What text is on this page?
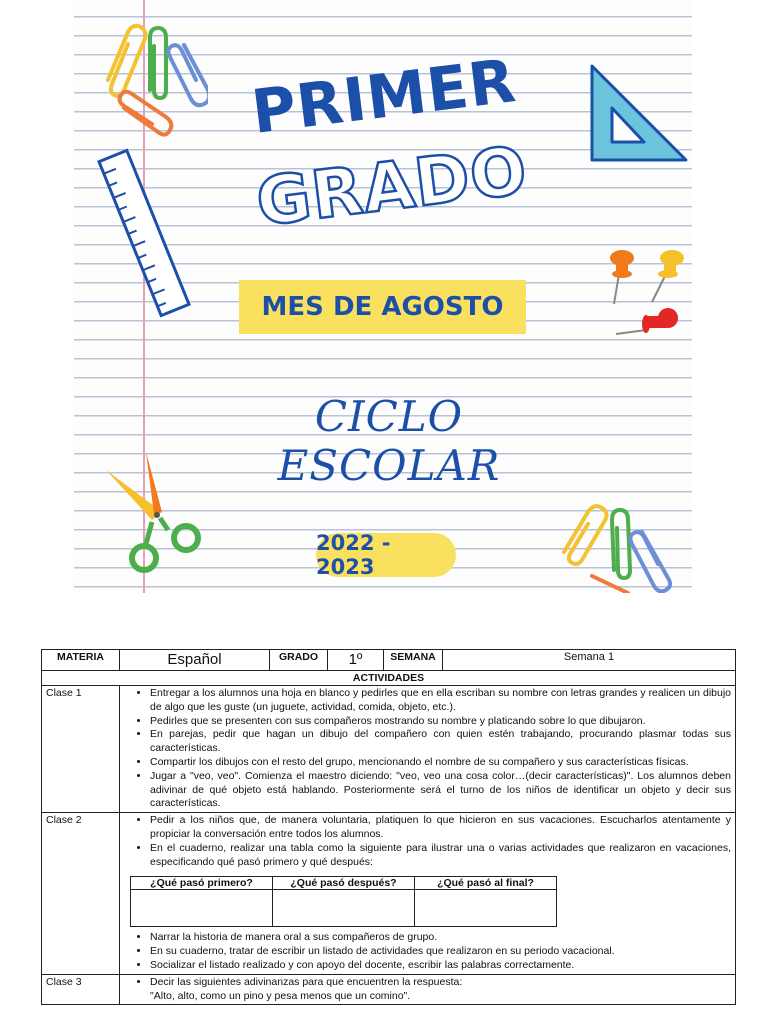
PRIMER
GRADO
MES DE AGOSTO
CICLO ESCOLAR
2022 - 2023
MATERIA	Español	GRADO	1º	SEMANA	Semana 1
ACTIVIDADES
Clase 1	
•Entregar a los alumnos una hoja en blanco y pedirles que en ella escriban su nombre con letras grandes y realicen un dibujo de algo que les guste (un juguete, actividad, comida, objeto, etc.).
• Pedirles que se presenten con sus compañeros mostrando su nombre y platicando sobre lo que dibujaron.
• En parejas, pedir que hagan un dibujo del compañero con quien estén trabajando, procurando plasmar todas sus características.
• Compartir los dibujos con el resto del grupo, mencionando el nombre de su compañero y sus características físicas.
• Jugar a "veo, veo". Comienza el maestro diciendo: "veo, veo una cosa color…(decir características)". Los alumnos deben adivinar de qué objeto está hablando. Posteriormente será el turno de los niños de identificar un objeto y decir sus características.

Clase 2	
•Pedir a los niños que, de manera voluntaria, platiquen lo que hicieron en sus vacaciones. Escucharlos atentamente y propiciar la conversación entre todos los alumnos.
• En el cuaderno, realizar una tabla como la siguiente para ilustrar una o varias actividades que realizaron en vacaciones, especificando qué pasó primero y qué después:
¿Qué pasó primero?	¿Qué pasó después?	¿Qué pasó al final?

• Narrar la historia de manera oral a sus compañeros de grupo.
• En su cuaderno, tratar de escribir un listado de actividades que realizaron en su periodo vacacional.
• Socializar el listado realizado y con apoyo del docente, escribir las palabras correctamente.

Clase 3	
•Decir las siguientes adivinanzas para que encuentren la respuesta:
"Alto, alto, como un pino y pesa menos que un comino".
